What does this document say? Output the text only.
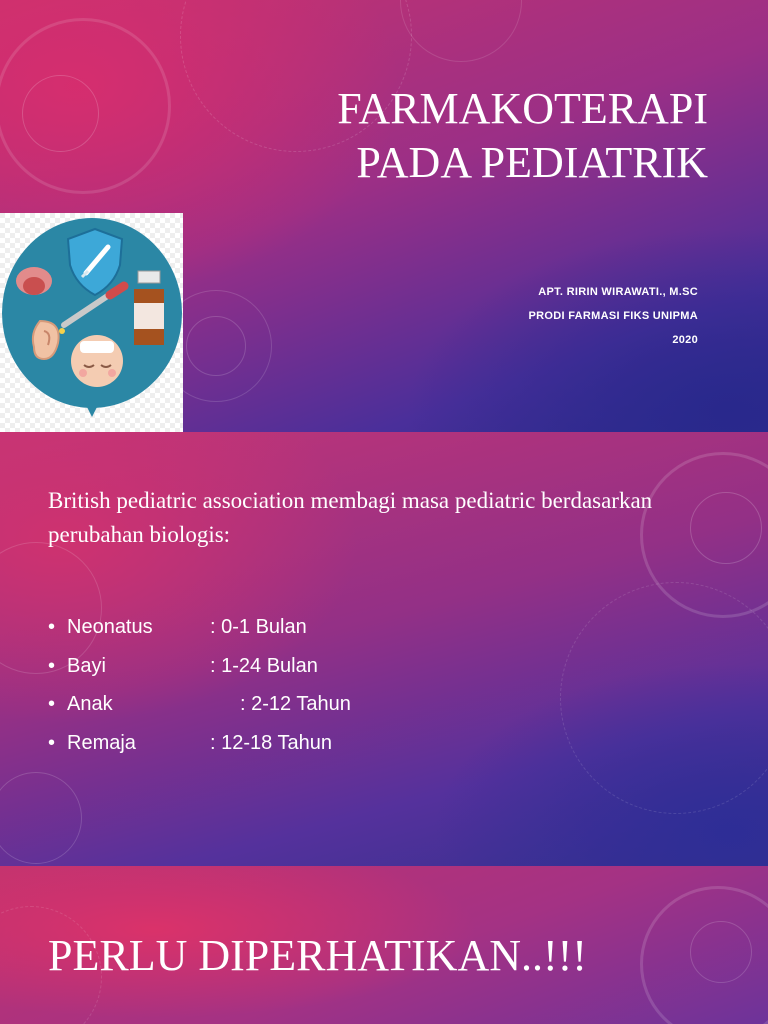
FARMAKOTERAPI
PADA PEDIATRIK
APT. RIRIN WIRAWATI., M.SC
PRODI FARMASI FIKS UNIPMA
2020
British pediatric association membagi masa pediatric berdasarkan perubahan biologis:
• Neonatus	: 0-1 Bulan
• Bayi	: 1-24 Bulan
• Anak	: 2-12 Tahun
• Remaja	: 12-18 Tahun
PERLU DIPERHATIKAN..!!!
